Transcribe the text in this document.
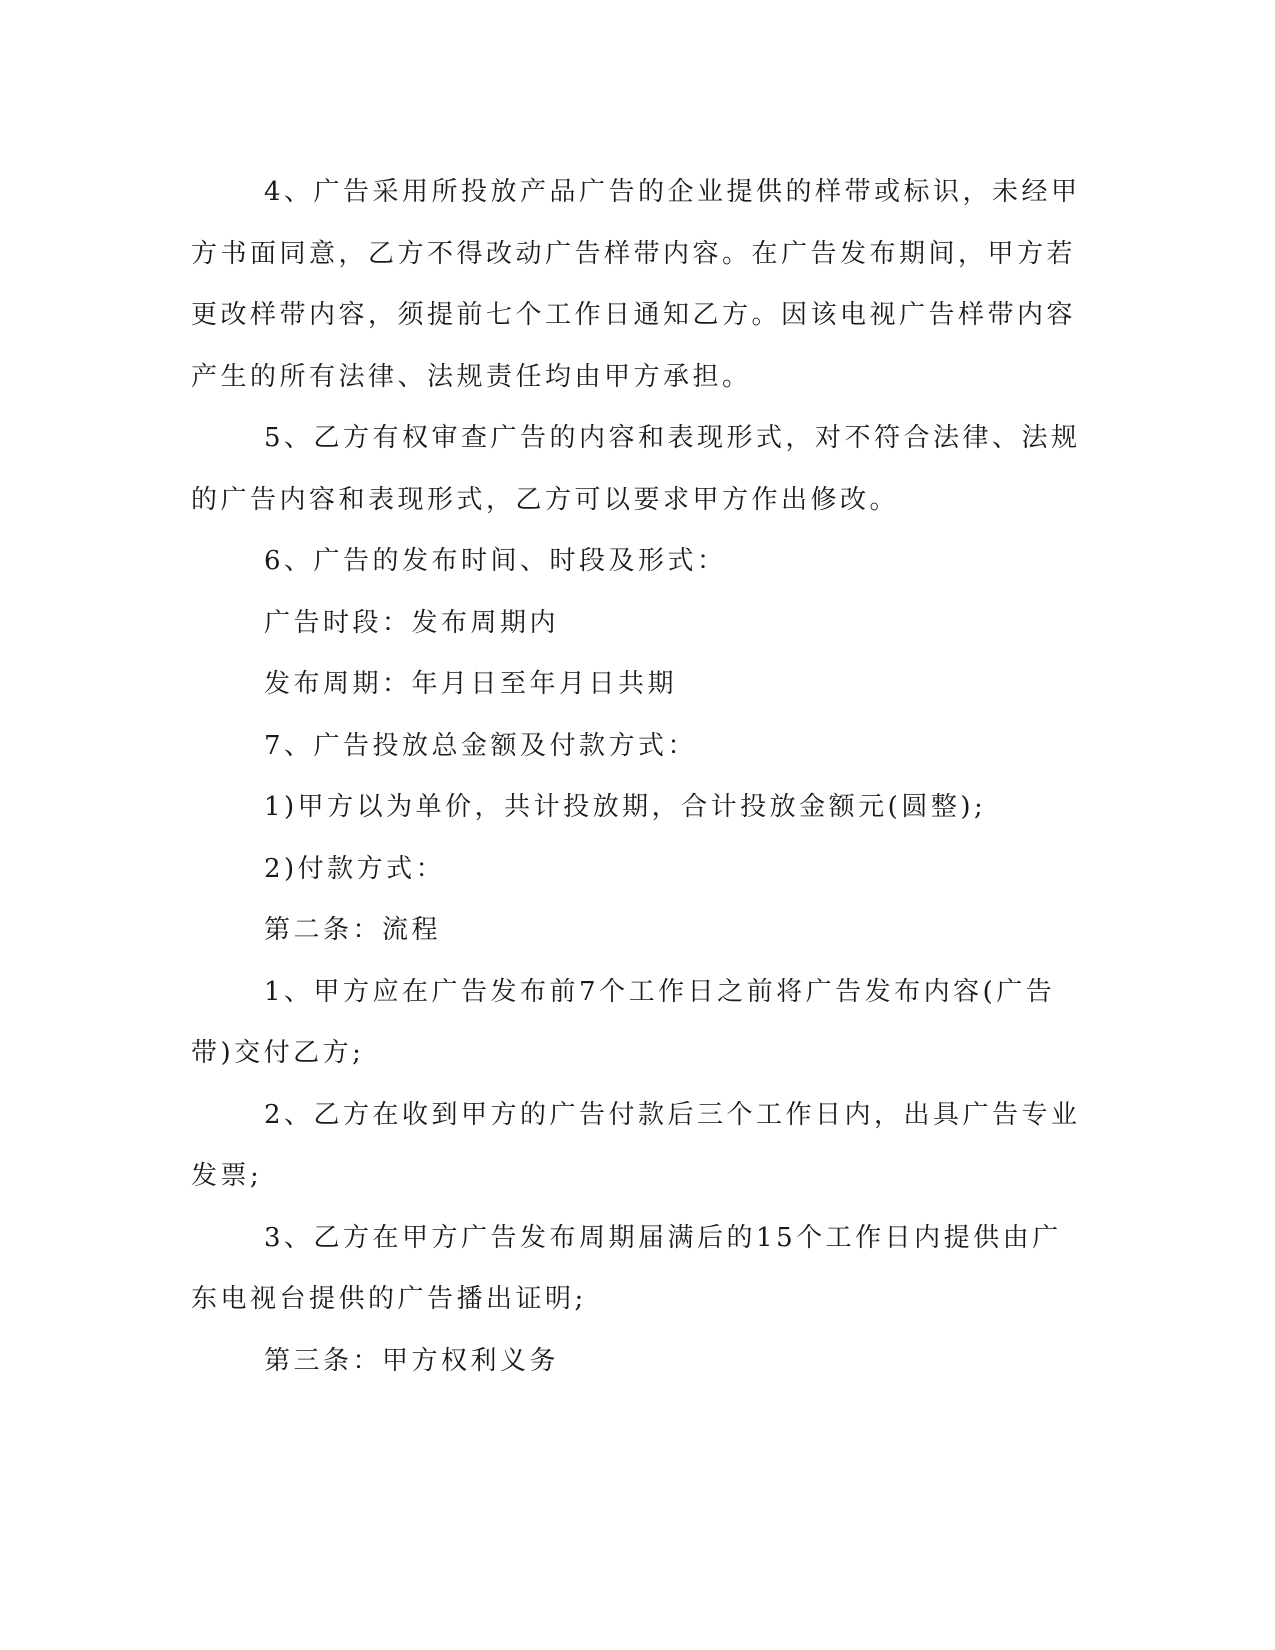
4、广告采用所投放产品广告的企业提供的样带或标识，未经甲方书面同意，乙方不得改动广告样带内容。在广告发布期间，甲方若更改样带内容，须提前七个工作日通知乙方。因该电视广告样带内容产生的所有法律、法规责任均由甲方承担。

5、乙方有权审查广告的内容和表现形式，对不符合法律、法规的广告内容和表现形式，乙方可以要求甲方作出修改。

6、广告的发布时间、时段及形式：

广告时段：发布周期内

发布周期：年月日至年月日共期

7、广告投放总金额及付款方式：

1)甲方以为单价，共计投放期，合计投放金额元(圆整);

2)付款方式：

第二条：流程

1、甲方应在广告发布前7个工作日之前将广告发布内容(广告带)交付乙方;

2、乙方在收到甲方的广告付款后三个工作日内，出具广告专业发票;

3、乙方在甲方广告发布周期届满后的15个工作日内提供由广东电视台提供的广告播出证明;

第三条：甲方权利义务
